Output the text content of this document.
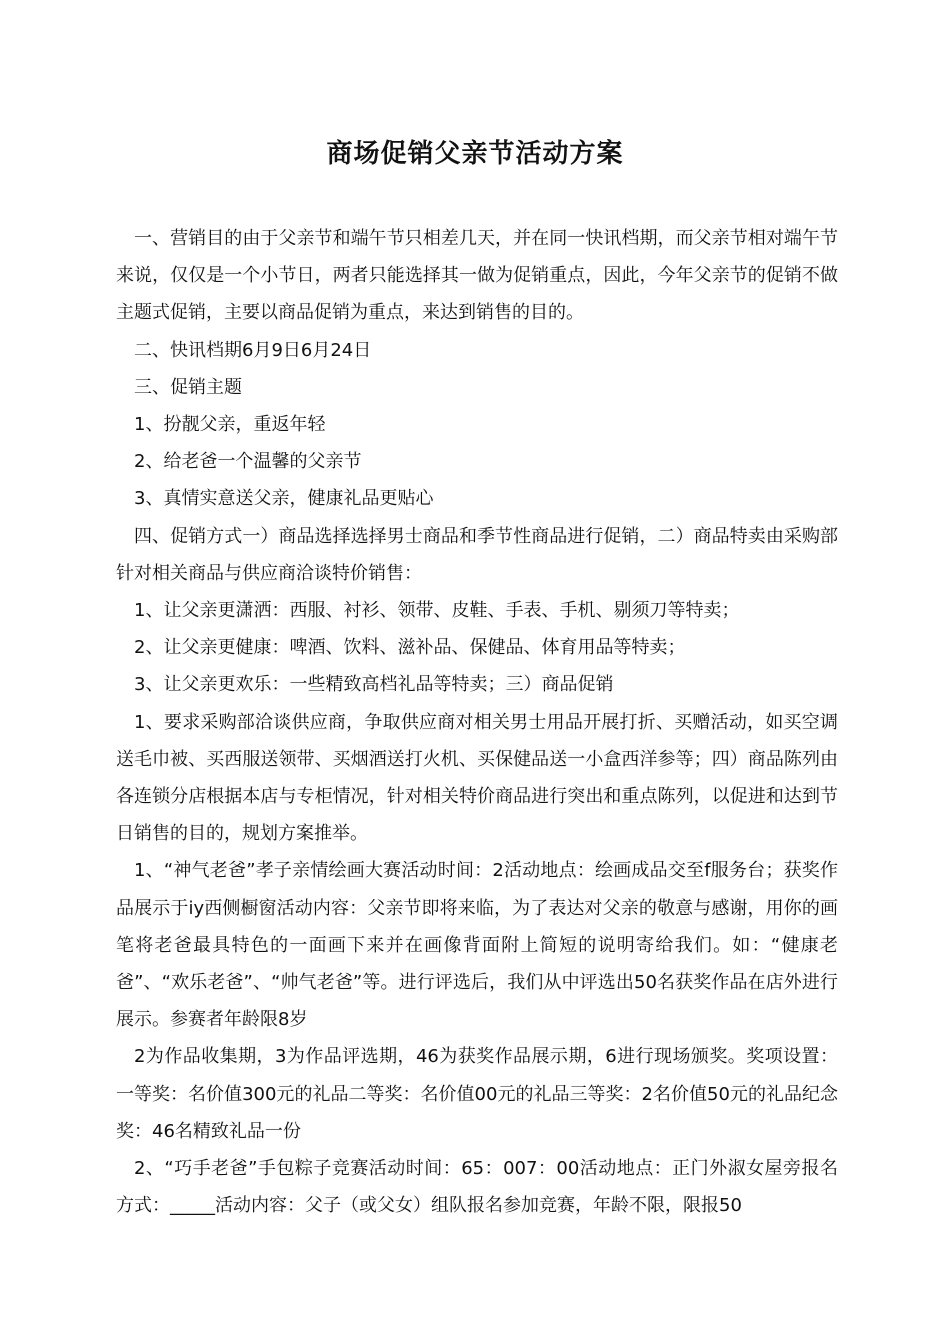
商场促销父亲节活动方案

一、营销目的由于父亲节和端午节只相差几天，并在同一快讯档期，而父亲节相对端午节来说，仅仅是一个小节日，两者只能选择其一做为促销重点，因此，今年父亲节的促销不做主题式促销，主要以商品促销为重点，来达到销售的目的。

二、快讯档期6月9日6月24日

三、促销主题

1、扮靓父亲，重返年轻

2、给老爸一个温馨的父亲节

3、真情实意送父亲，健康礼品更贴心

四、促销方式一）商品选择选择男士商品和季节性商品进行促销，二）商品特卖由采购部针对相关商品与供应商洽谈特价销售：

1、让父亲更潇洒：西服、衬衫、领带、皮鞋、手表、手机、剔须刀等特卖；

2、让父亲更健康：啤酒、饮料、滋补品、保健品、体育用品等特卖；

3、让父亲更欢乐：一些精致高档礼品等特卖；三）商品促销

1、要求采购部洽谈供应商，争取供应商对相关男士用品开展打折、买赠活动，如买空调送毛巾被、买西服送领带、买烟酒送打火机、买保健品送一小盒西洋参等；四）商品陈列由各连锁分店根据本店与专柜情况，针对相关特价商品进行突出和重点陈列，以促进和达到节日销售的目的，规划方案推举。

1、“神气老爸”孝子亲情绘画大赛活动时间：2活动地点：绘画成品交至f服务台；获奖作品展示于iy西侧橱窗活动内容：父亲节即将来临，为了表达对父亲的敬意与感谢，用你的画笔将老爸最具特色的一面画下来并在画像背面附上简短的说明寄给我们。如：“健康老爸”、“欢乐老爸”、“帅气老爸”等。进行评选后，我们从中评选出50名获奖作品在店外进行展示。参赛者年龄限8岁

2为作品收集期，3为作品评选期，46为获奖作品展示期，6进行现场颁奖。奖项设置：一等奖：名价值300元的礼品二等奖：名价值00元的礼品三等奖：2名价值50元的礼品纪念奖：46名精致礼品一份

2、“巧手老爸”手包粽子竞赛活动时间：65：007：00活动地点：正门外淑女屋旁报名方式：_____活动内容：父子（或父女）组队报名参加竞赛，年龄不限，限报50
